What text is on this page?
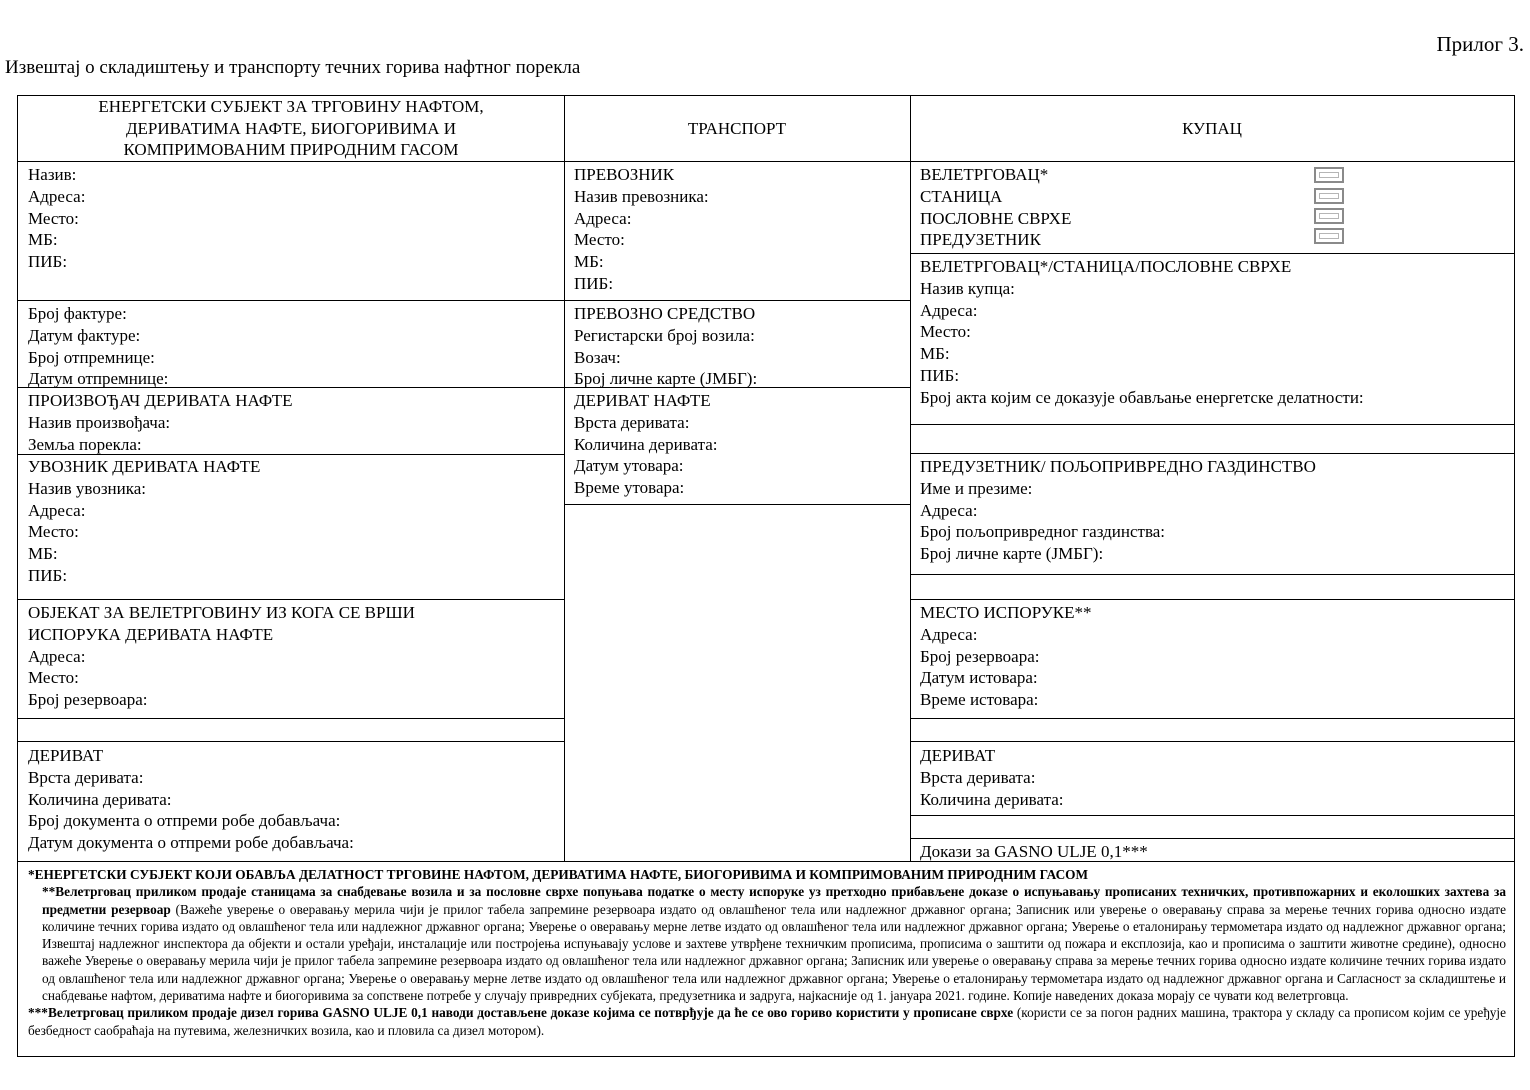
Прилог 3.
Извештај о складиштењу и транспорту течних горива нафтног порекла
ЕНЕРГЕТСКИ СУБЈЕКТ ЗА ТРГОВИНУ НАФТОМ,
ДЕРИВАТИМА НАФТЕ, БИОГОРИВИМА И
КОМПРИМОВАНИМ ПРИРОДНИМ ГАСОМ
ТРАНСПОРТ	КУПАЦ
Назив:
Адреса:
Место:
МБ:
ПИБ:
Број фактуре:
Датум фактуре:
Број отпремнице:
Датум отпремнице:
ПРОИЗВОЂАЧ ДЕРИВАТА НАФТЕ
Назив произвођача:
Земља порекла:
УВОЗНИК ДЕРИВАТА НАФТЕ
Назив увозника:
Адреса:
Место:
МБ:
ПИБ:
ОБЈЕКАТ ЗА ВЕЛЕТРГОВИНУ ИЗ КОГА СЕ ВРШИ
ИСПОРУКА ДЕРИВАТА НАФТЕ
Адреса:
Место:
Број резервоара:
ДЕРИВАТ
Врста деривата:
Количина деривата:
Број документа о отпреми робе добављача:
Датум документа о отпреми робе добављача:
ПРЕВОЗНИК
Назив превозника:
Адреса:
Место:
МБ:
ПИБ:
ПРЕВОЗНО СРЕДСТВО
Регистарски број возила:
Возач:
Број личне карте (ЈМБГ):
ДЕРИВАТ НАФТЕ
Врста деривата:
Количина деривата:
Датум утовара:
Време утовара:
ВЕЛЕТРГОВАЦ*
СТАНИЦА
ПОСЛОВНЕ СВРХЕ
ПРЕДУЗЕТНИК
ВЕЛЕТРГОВАЦ*/СТАНИЦА/ПОСЛОВНЕ СВРХЕ
Назив купца:
Адреса:
Место:
МБ:
ПИБ:
Број акта којим се доказује обављање енергетске делатности:
ПРЕДУЗЕТНИК/ ПОЉОПРИВРЕДНО ГАЗДИНСТВО
Име и презиме:
Адреса:
Број пољопривредног газдинства:
Број личне карте (ЈМБГ):
МЕСТО ИСПОРУКЕ**
Адреса:
Број резервоара:
Датум истовара:
Време истовара:
ДЕРИВАТ
Врста деривата:
Количина деривата:
Докази за GASNO ULJE 0,1***

*ЕНЕРГЕТСКИ СУБЈЕКТ КОЈИ ОБАВЉА ДЕЛАТНОСТ ТРГОВИНЕ НАФТОМ, ДЕРИВАТИМА НАФТЕ, БИОГОРИВИМА И КОМПРИМОВАНИМ ПРИРОДНИМ ГАСОМ

**Велетрговац приликом продаје станицама за снабдевање возила и за пословне сврхе попуњава податке о месту испоруке уз претходно прибављене доказе о испуњавању прописаних техничких, противпожарних и еколошких захтева за предметни резервоар (Важеће уверење о оверавању мерила чији је прилог табела запремине резервоара издато од овлашћеног тела или надлежног државног органа; Записник или уверење о оверавању справа за мерење течних горива односно издате количине течних горива издато од овлашћеног тела или надлежног државног органа; Уверење о оверавању мерне летве издато од овлашћеног тела или надлежног државног органа; Уверење о еталонирању термометара издато од надлежног државног органа; Извештај надлежног инспектора да објекти и остали уређаји, инсталације или постројења испуњавају услове и захтеве утврђене техничким прописима, прописима о заштити од пожара и експлозија, као и прописима о заштити животне средине), односно важеће Уверење о оверавању мерила чији је прилог табела запремине резервоара издато од овлашћеног тела или надлежног државног органа; Записник или уверење о оверавању справа за мерење течних горива односно издате количине течних горива издато од овлашћеног тела или надлежног државног органа; Уверење о оверавању мерне летве издато од овлашћеног тела или надлежног државног органа; Уверење о еталонирању термометара издато од надлежног државног органа и Сагласност за складиштење и снабдевање нафтом, дериватима нафте и биогоривима за сопствене потребе у случају привредних субјеката, предузетника и задруга, најкасније од 1. јануара 2021. године. Копије наведених доказа морају се чувати код велетрговца.

***Велетрговац приликом продаје дизел горива GASNO ULJE 0,1 наводи достављене доказе којима се потврђује да ће се ово гориво користити у прописане сврхе (користи се за погон радних машина, трактора у складу са прописом којим се уређује безбедност саобраћаја на путевима, железничких возила, као и пловила са дизел мотором).
